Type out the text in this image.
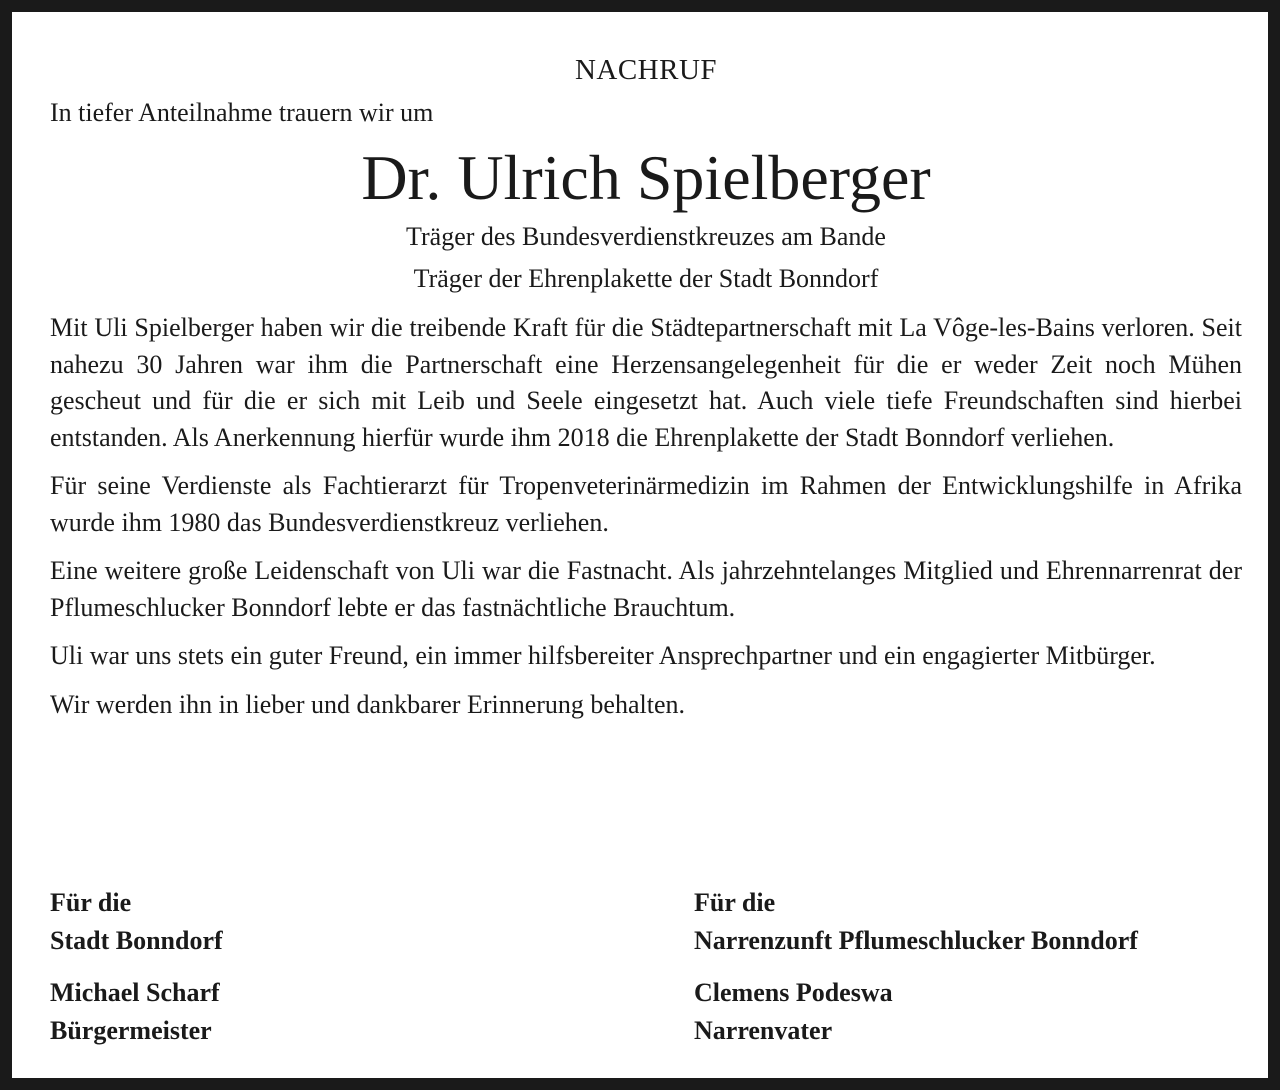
NACHRUF
In tiefer Anteilnahme trauern wir um
Dr. Ulrich Spielberger
Träger des Bundesverdienstkreuzes am Bande
Träger der Ehrenplakette der Stadt Bonndorf

Mit Uli Spielberger haben wir die treibende Kraft für die Städtepartnerschaft mit La Vôge-les-Bains verloren. Seit nahezu 30 Jahren war ihm die Partnerschaft eine Herzensangelegenheit für die er weder Zeit noch Mühen gescheut und für die er sich mit Leib und Seele eingesetzt hat. Auch viele tiefe Freundschaften sind hierbei entstanden. Als Anerkennung hierfür wurde ihm 2018 die Ehrenplakette der Stadt Bonndorf verliehen.

Für seine Verdienste als Fachtierarzt für Tropenveterinärmedizin im Rahmen der Entwicklungshilfe in Afrika wurde ihm 1980 das Bundesverdienstkreuz verliehen.

Eine weitere große Leidenschaft von Uli war die Fastnacht. Als jahrzehntelanges Mitglied und Ehrennarrenrat der Pflumeschlucker Bonndorf lebte er das fastnächtliche Brauchtum.

Uli war uns stets ein guter Freund, ein immer hilfsbereiter Ansprechpartner und ein engagierter Mitbürger.

Wir werden ihn in lieber und dankbarer Erinnerung behalten.

Für die
Stadt Bonndorf
Michael Scharf
Bürgermeister
Für die
Narrenzunft Pflumeschlucker Bonndorf
Clemens Podeswa
Narrenvater
